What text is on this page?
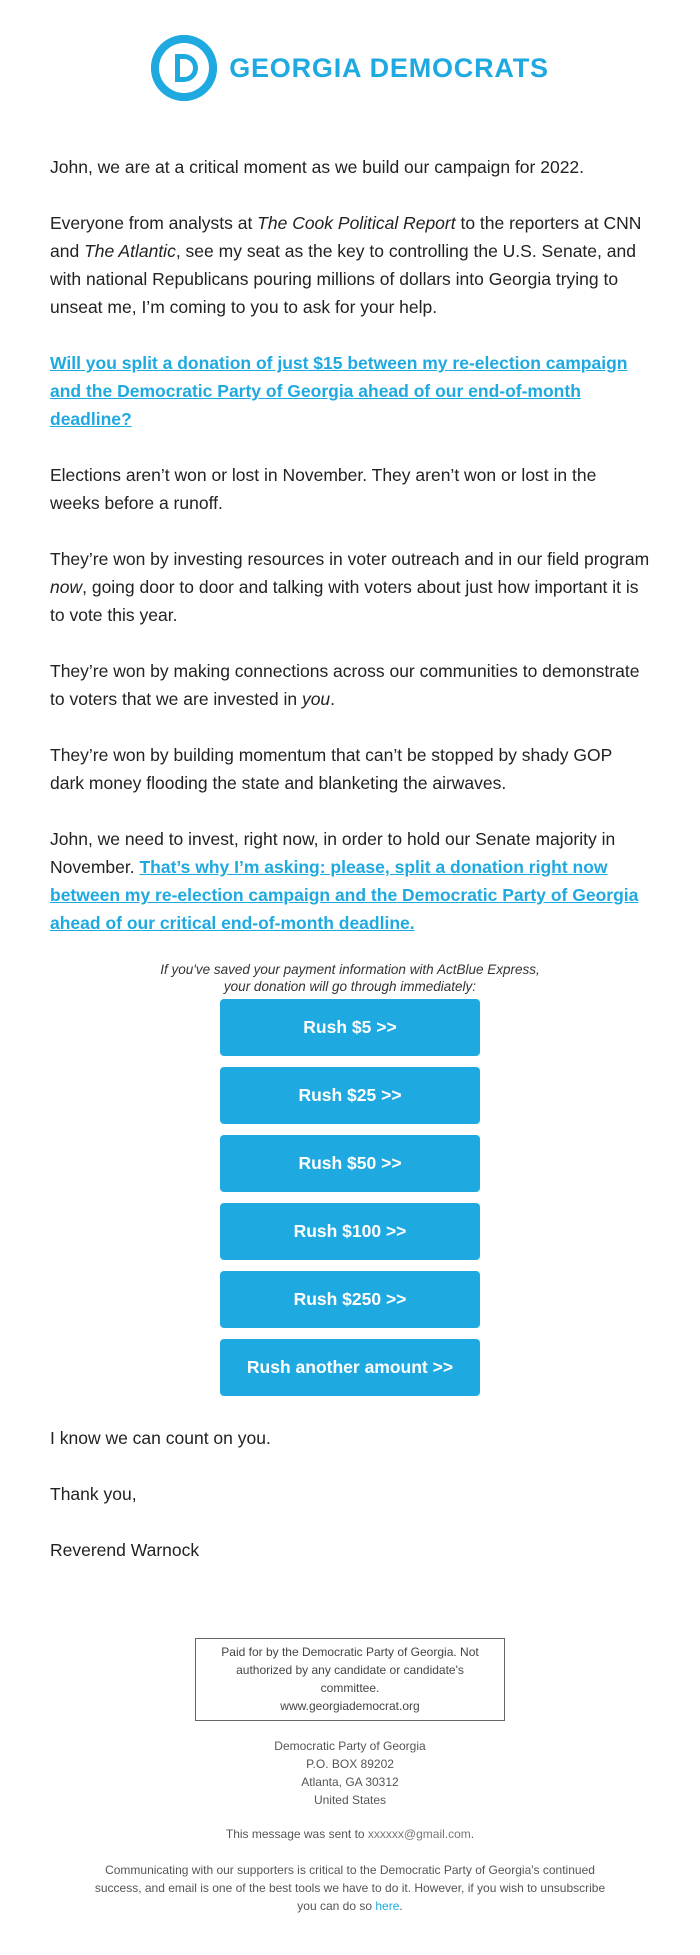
GEORGIA DEMOCRATS

John, we are at a critical moment as we build our campaign for 2022.

Everyone from analysts at The Cook Political Report to the reporters at CNN and The Atlantic, see my seat as the key to controlling the U.S. Senate, and with national Republicans pouring millions of dollars into Georgia trying to unseat me, I’m coming to you to ask for your help.

Will you split a donation of just $15 between my re-election campaign and the Democratic Party of Georgia ahead of our end-of-month deadline?

Elections aren’t won or lost in November. They aren’t won or lost in the weeks before a runoff.

They’re won by investing resources in voter outreach and in our field program now, going door to door and talking with voters about just how important it is to vote this year.

They’re won by making connections across our communities to demonstrate to voters that we are invested in you.

They’re won by building momentum that can’t be stopped by shady GOP dark money flooding the state and blanketing the airwaves.

John, we need to invest, right now, in order to hold our Senate majority in November. That’s why I’m asking: please, split a donation right now between my re-election campaign and the Democratic Party of Georgia ahead of our critical end-of-month deadline.

If you've saved your payment information with ActBlue Express,
your donation will go through immediately:
Rush $5 >>
Rush $25 >>
Rush $50 >>
Rush $100 >>
Rush $250 >>
Rush another amount >>

I know we can count on you.

Thank you,

Reverend Warnock

Paid for by the Democratic Party of Georgia. Not
authorized by any candidate or candidate's committee.
www.georgiademocrat.org
Democratic Party of Georgia
P.O. BOX 89202
Atlanta, GA 30312
United States
This message was sent to xxxxxx@gmail.com.
Communicating with our supporters is critical to the Democratic Party of Georgia's continued success, and email is one of the best tools we have to do it. However, if you wish to unsubscribe you can do so here.
